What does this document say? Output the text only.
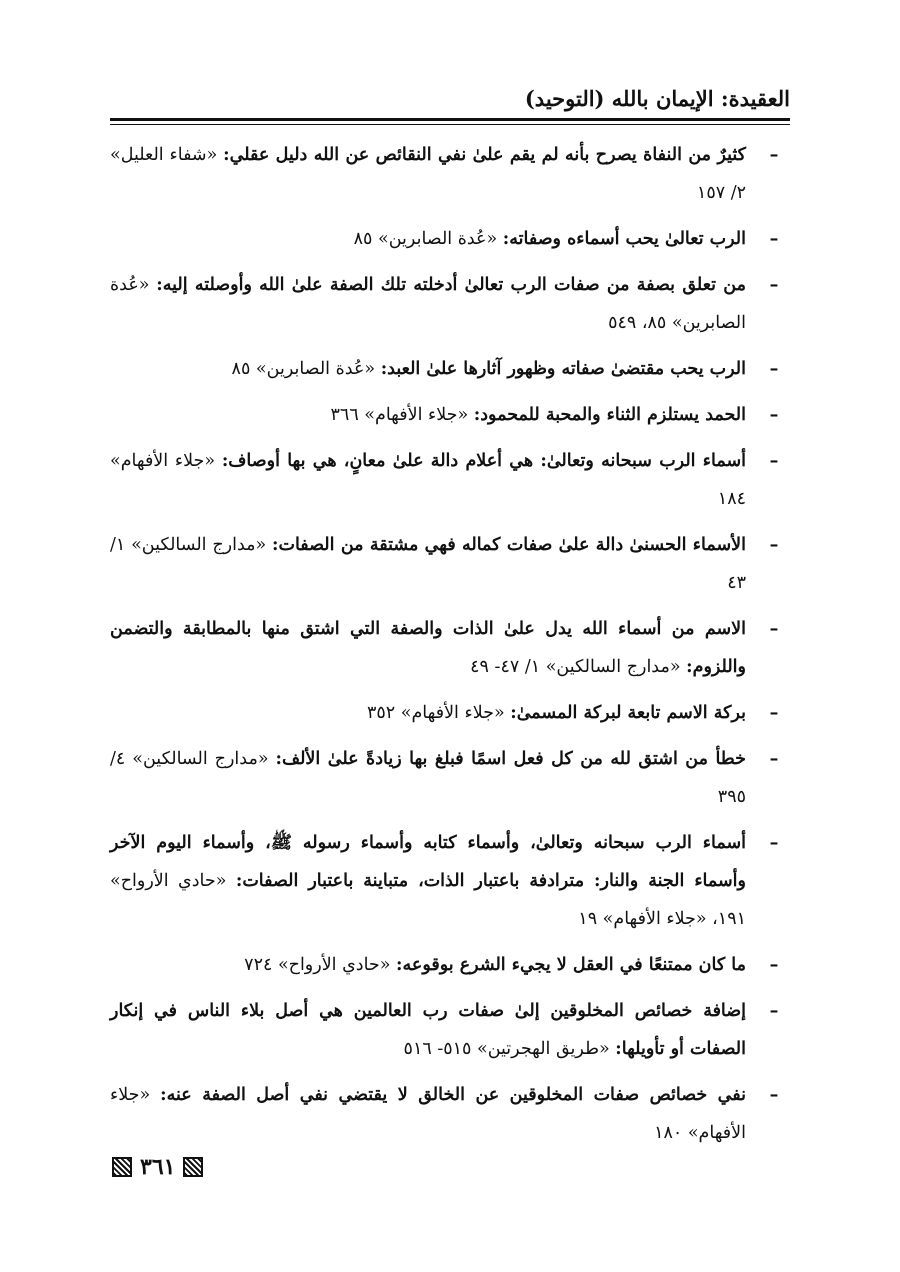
العقيدة: الإيمان بالله (التوحيد)
–
كثيرٌ من النفاة يصرح بأنه لم يقم علىٰ نفي النقائص عن الله دليل عقلي: «شفاء العليل» ٢/ ١٥٧
–
الرب تعالىٰ يحب أسماءه وصفاته: «عُدة الصابرين» ٨٥
–
من تعلق بصفة من صفات الرب تعالىٰ أدخلته تلك الصفة علىٰ الله وأوصلته إليه: «عُدة الصابرين» ٨٥، ٥٤٩
–
الرب يحب مقتضىٰ صفاته وظهور آثارها علىٰ العبد: «عُدة الصابرين» ٨٥
–
الحمد يستلزم الثناء والمحبة للمحمود: «جلاء الأفهام» ٣٦٦
–
أسماء الرب سبحانه وتعالىٰ: هي أعلام دالة علىٰ معانٍ، هي بها أوصاف: «جلاء الأفهام» ١٨٤
–
الأسماء الحسنىٰ دالة علىٰ صفات كماله فهي مشتقة من الصفات: «مدارج السالكين» ١/ ٤٣
–
الاسم من أسماء الله يدل علىٰ الذات والصفة التي اشتق منها بالمطابقة والتضمن واللزوم: «مدارج السالكين» ١/ ٤٧- ٤٩
–
بركة الاسم تابعة لبركة المسمىٰ: «جلاء الأفهام» ٣٥٢
–
خطأ من اشتق لله من كل فعل اسمًا فبلغ بها زيادةً علىٰ الألف: «مدارج السالكين» ٤/ ٣٩٥
–
أسماء الرب سبحانه وتعالىٰ، وأسماء كتابه وأسماء رسوله ﷺ، وأسماء اليوم الآخر وأسماء الجنة والنار: مترادفة باعتبار الذات، متباينة باعتبار الصفات: «حادي الأرواح» ١٩١، «جلاء الأفهام» ١٩
–
ما كان ممتنعًا في العقل لا يجيء الشرع بوقوعه: «حادي الأرواح» ٧٢٤
–
إضافة خصائص المخلوقين إلىٰ صفات رب العالمين هي أصل بلاء الناس في إنكار الصفات أو تأويلها: «طريق الهجرتين» ٥١٥- ٥١٦
–
نفي خصائص صفات المخلوقين عن الخالق لا يقتضي نفي أصل الصفة عنه: «جلاء الأفهام» ١٨٠
٣٦١
